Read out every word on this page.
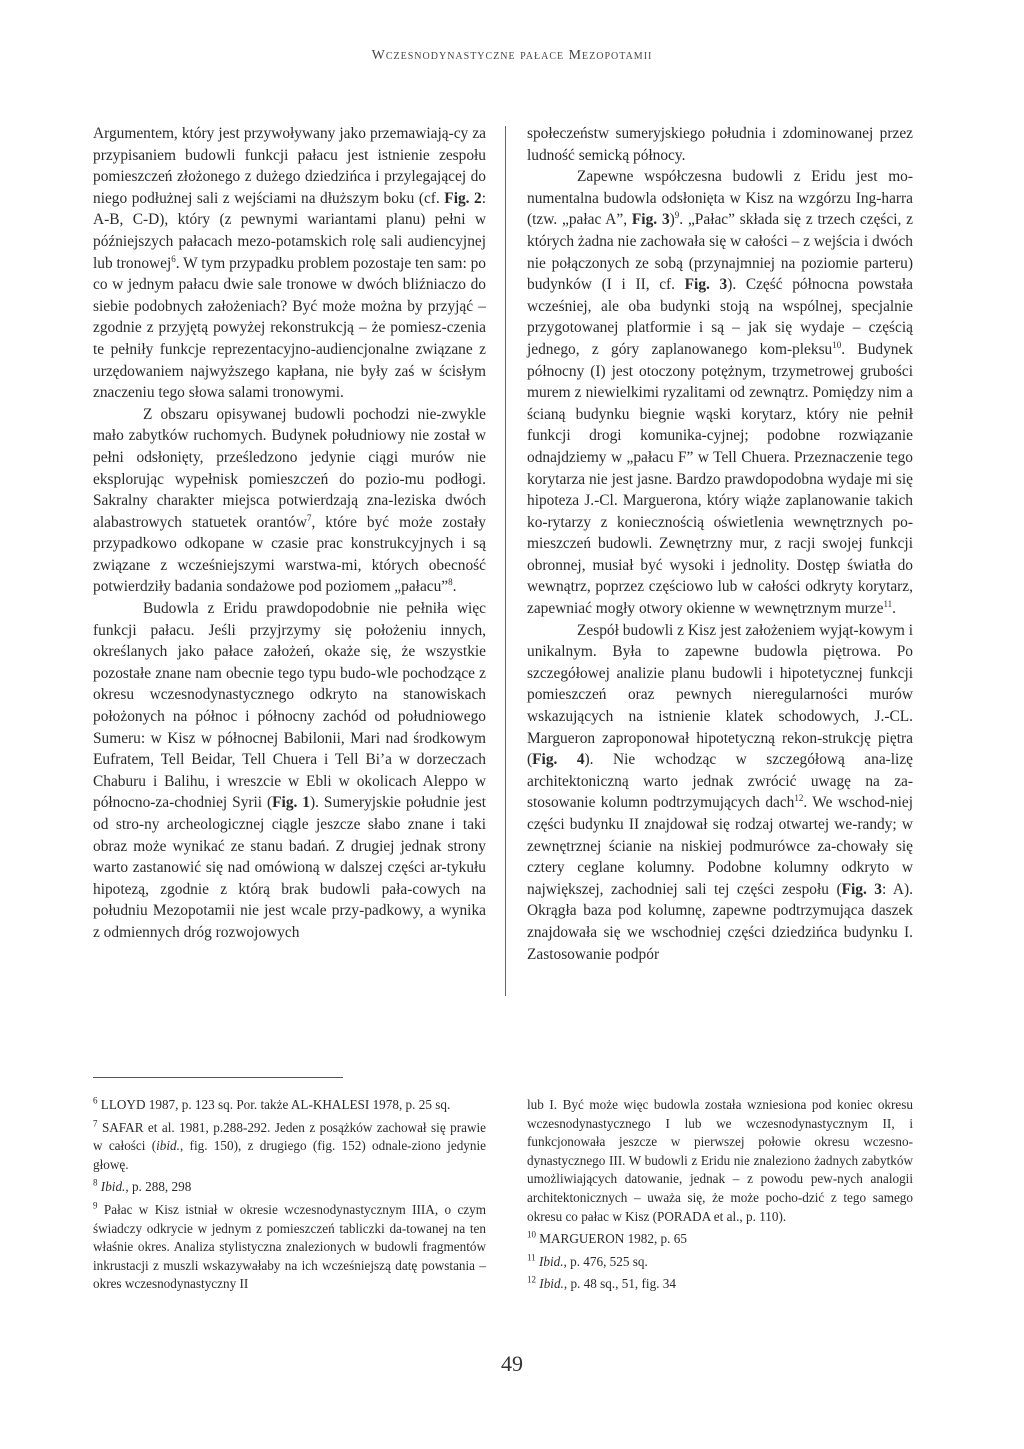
Wczesnodynastyczne pałace Mezopotamii

Argumentem, który jest przywoływany jako przemawiają-cy za przypisaniem budowli funkcji pałacu jest istnienie zespołu pomieszczeń złożonego z dużego dziedzińca i przylegającej do niego podłużnej sali z wejściami na dłuższym boku (cf. Fig. 2: A-B, C-D), który (z pewnymi wariantami planu) pełni w późniejszych pałacach mezo-potamskich rolę sali audiencyjnej lub tronowej$^6$. W tym przypadku problem pozostaje ten sam: po co w jednym pałacu dwie sale tronowe w dwóch bliźniaczo do siebie podobnych założeniach? Być może można by przyjąć – zgodnie z przyjętą powyżej rekonstrukcją – że pomiesz-czenia te pełniły funkcje reprezentacyjno-audiencjonalne związane z urzędowaniem najwyższego kapłana, nie były zaś w ścisłym znaczeniu tego słowa salami tronowymi.

Z obszaru opisywanej budowli pochodzi nie-zwykle mało zabytków ruchomych. Budynek południowy nie został w pełni odsłonięty, prześledzono jedynie ciągi murów nie eksplorując wypełnisk pomieszczeń do pozio-mu podłogi. Sakralny charakter miejsca potwierdzają zna-leziska dwóch alabastrowych statuetek orantów$^7$, które być może zostały przypadkowo odkopane w czasie prac konstrukcyjnych i są związane z wcześniejszymi warstwa-mi, których obecność potwierdziły badania sondażowe pod poziomem „pałacu”$^8$.

Budowla z Eridu prawdopodobnie nie pełniła więc funkcji pałacu. Jeśli przyjrzymy się położeniu innych, określanych jako pałace założeń, okaże się, że wszystkie pozostałe znane nam obecnie tego typu budo-wle pochodzące z okresu wczesnodynastycznego odkryto na stanowiskach położonych na północ i północny zachód od południowego Sumeru: w Kisz w północnej Babilonii, Mari nad środkowym Eufratem, Tell Beidar, Tell Chuera i Tell Bi’a w dorzeczach Chaburu i Balihu, i wreszcie w Ebli w okolicach Aleppo w północno-za-chodniej Syrii (Fig. 1). Sumeryjskie południe jest od stro-ny archeologicznej ciągle jeszcze słabo znane i taki obraz może wynikać ze stanu badań. Z drugiej jednak strony warto zastanowić się nad omówioną w dalszej części ar-tykułu hipotezą, zgodnie z którą brak budowli pała-cowych na południu Mezopotamii nie jest wcale przy-padkowy, a wynika z odmiennych dróg rozwojowych

społeczeństw sumeryjskiego południa i zdominowanej przez ludność semicką północy.

Zapewne współczesna budowli z Eridu jest mo-numentalna budowla odsłonięta w Kisz na wzgórzu Ing-harra (tzw. „pałac A”, Fig. 3)$^9$. „Pałac” składa się z trzech części, z których żadna nie zachowała się w całości – z wejścia i dwóch nie połączonych ze sobą (przynajmniej na poziomie parteru) budynków (I i II, cf. Fig. 3). Część północna powstała wcześniej, ale oba budynki stoją na wspólnej, specjalnie przygotowanej platformie i są – jak się wydaje – częścią jednego, z góry zaplanowanego kom-pleksu$^{10}$. Budynek północny (I) jest otoczony potężnym, trzymetrowej grubości murem z niewielkimi ryzalitami od zewnątrz. Pomiędzy nim a ścianą budynku biegnie wąski korytarz, który nie pełnił funkcji drogi komunika-cyjnej; podobne rozwiązanie odnajdziemy w „pałacu F” w Tell Chuera. Przeznaczenie tego korytarza nie jest jasne. Bardzo prawdopodobna wydaje mi się hipoteza J.-Cl. Marguerona, który wiąże zaplanowanie takich ko-rytarzy z koniecznością oświetlenia wewnętrznych po-mieszczeń budowli. Zewnętrzny mur, z racji swojej funkcji obronnej, musiał być wysoki i jednolity. Dostęp światła do wewnątrz, poprzez częściowo lub w całości odkryty korytarz, zapewniać mogły otwory okienne w wewnętrznym murze$^{11}$.

Zespół budowli z Kisz jest założeniem wyjąt-kowym i unikalnym. Była to zapewne budowla piętrowa. Po szczegółowej analizie planu budowli i hipotetycznej funkcji pomieszczeń oraz pewnych nieregularności murów wskazujących na istnienie klatek schodowych, J.-CL. Margueron zaproponował hipotetyczną rekon-strukcję piętra (Fig. 4). Nie wchodząc w szczegółową ana-lizę architektoniczną warto jednak zwrócić uwagę na za-stosowanie kolumn podtrzymujących dach$^{12}$. We wschod-niej części budynku II znajdował się rodzaj otwartej we-randy; w zewnętrznej ścianie na niskiej podmurówce za-chowały się cztery ceglane kolumny. Podobne kolumny odkryto w największej, zachodniej sali tej części zespołu (Fig. 3: A). Okrągła baza pod kolumnę, zapewne podtrzymująca daszek znajdowała się we wschodniej części dziedzińca budynku I. Zastosowanie podpór

$^6$ LLOYD 1987, p. 123 sq. Por. także AL-KHALESI 1978, p. 25 sq.

$^7$ SAFAR et al. 1981, p.288-292. Jeden z posążków zachował się prawie w całości (ibid., fig. 150), z drugiego (fig. 152) odnale-ziono jedynie głowę.

$^8$ Ibid., p. 288, 298

$^9$ Pałac w Kisz istniał w okresie wczesnodynastycznym IIIA, o czym świadczy odkrycie w jednym z pomieszczeń tabliczki da-towanej na ten właśnie okres. Analiza stylistyczna znalezionych w budowli fragmentów inkrustacji z muszli wskazywałaby na ich wcześniejszą datę powstania – okres wczesnodynastyczny II

lub I. Być może więc budowla została wzniesiona pod koniec okresu wczesnodynastycznego I lub we wczesnodynastycznym II, i funkcjonowała jeszcze w pierwszej połowie okresu wczesno-dynastycznego III. W budowli z Eridu nie znaleziono żadnych zabytków umożliwiających datowanie, jednak – z powodu pew-nych analogii architektonicznych – uważa się, że może pocho-dzić z tego samego okresu co pałac w Kisz (PORADA et al., p. 110).

$^{10}$ MARGUERON 1982, p. 65

$^{11}$ Ibid., p. 476, 525 sq.

$^{12}$ Ibid., p. 48 sq., 51, fig. 34

49
